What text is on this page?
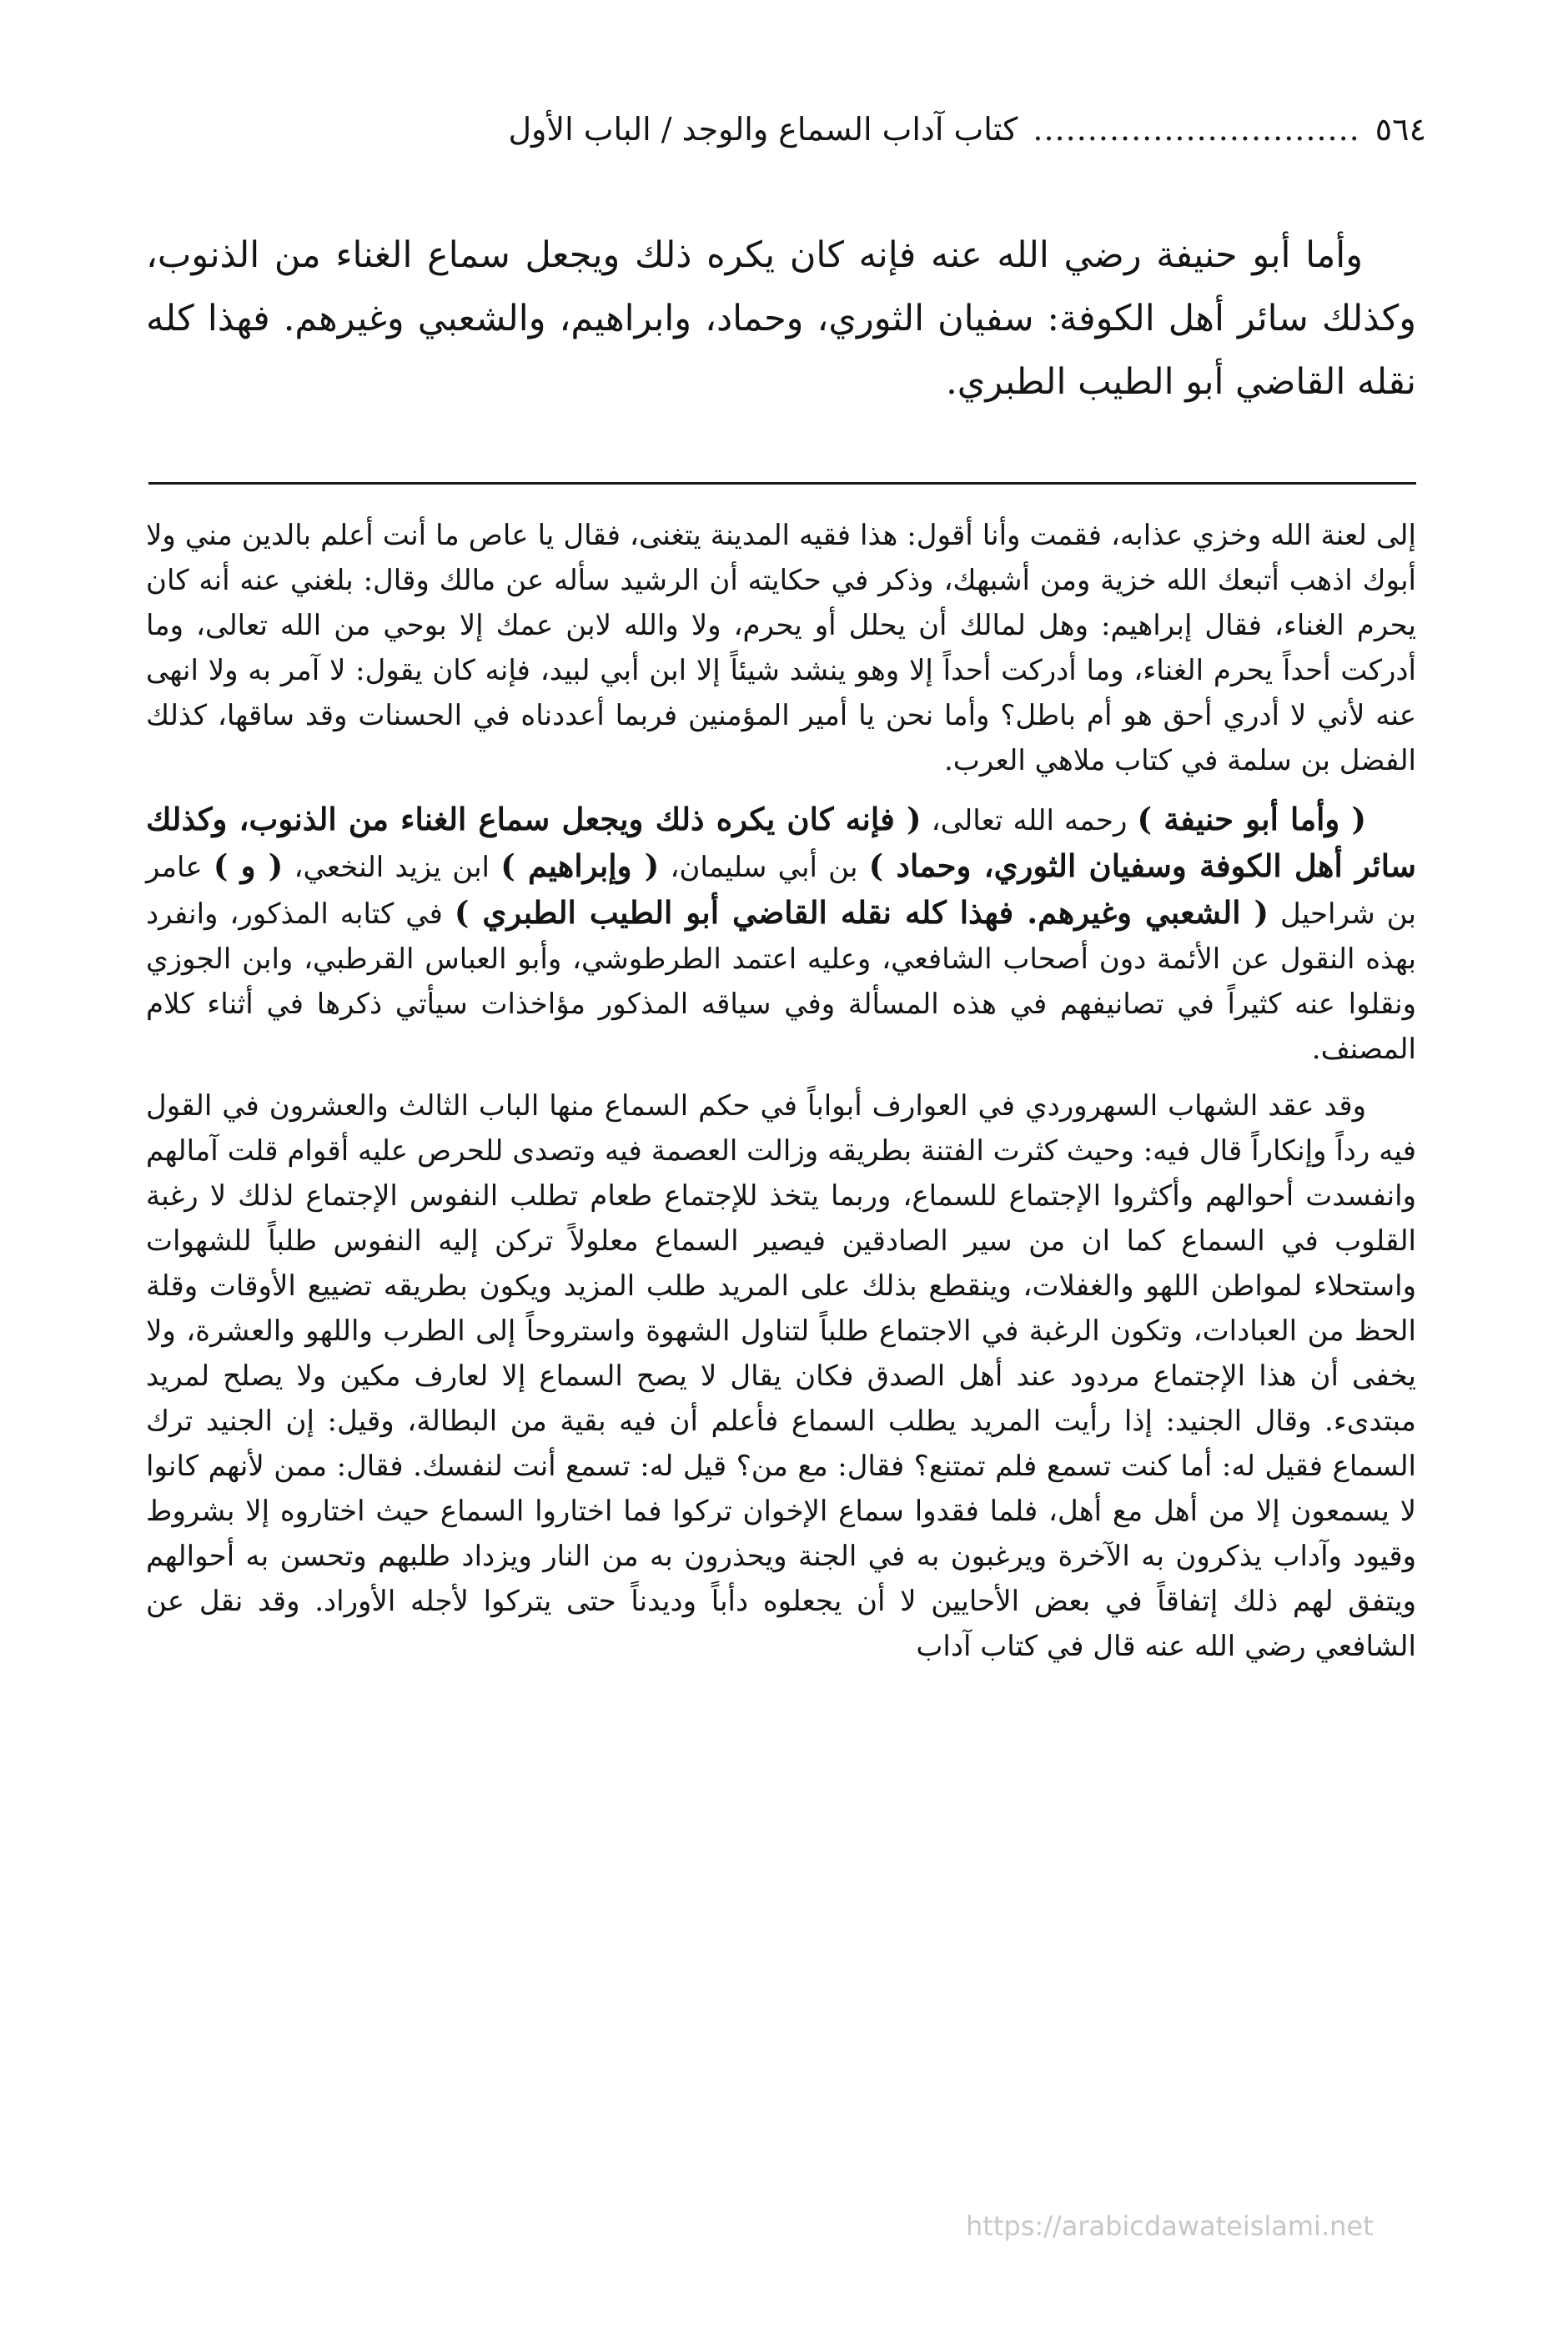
٥٦٤
..............................
كتاب آداب السماع والوجد / الباب الأول

وأما أبو حنيفة رضي الله عنه فإنه كان يكره ذلك ويجعل سماع الغناء من الذنوب، وكذلك سائر أهل الكوفة: سفيان الثوري، وحماد، وابراهيم، والشعبي وغيرهم. فهذا كله نقله القاضي أبو الطيب الطبري.

إلى لعنة الله وخزي عذابه، فقمت وأنا أقول: هذا فقيه المدينة يتغنى، فقال يا عاص ما أنت أعلم بالدين مني ولا أبوك اذهب أتبعك الله خزية ومن أشبهك، وذكر في حكايته أن الرشيد سأله عن مالك وقال: بلغني عنه أنه كان يحرم الغناء، فقال إبراهيم: وهل لمالك أن يحلل أو يحرم، ولا والله لابن عمك إلا بوحي من الله تعالى، وما أدركت أحداً يحرم الغناء، وما أدركت أحداً إلا وهو ينشد شيئاً إلا ابن أبي لبيد، فإنه كان يقول: لا آمر به ولا انهى عنه لأني لا أدري أحق هو أم باطل؟ وأما نحن يا أمير المؤمنين فربما أعددناه في الحسنات وقد ساقها، كذلك الفضل بن سلمة في كتاب ملاهي العرب.

( وأما أبو حنيفة ) رحمه الله تعالى، ( فإنه كان يكره ذلك ويجعل سماع الغناء من الذنوب، وكذلك سائر أهل الكوفة وسفيان الثوري، وحماد ) بن أبي سليمان، ( وإبراهيم ) ابن يزيد النخعي، ( و ) عامر بن شراحيل ( الشعبي وغيرهم. فهذا كله نقله القاضي أبو الطيب الطبري ) في كتابه المذكور، وانفرد بهذه النقول عن الأئمة دون أصحاب الشافعي، وعليه اعتمد الطرطوشي، وأبو العباس القرطبي، وابن الجوزي ونقلوا عنه كثيراً في تصانيفهم في هذه المسألة وفي سياقه المذكور مؤاخذات سيأتي ذكرها في أثناء كلام المصنف.

وقد عقد الشهاب السهروردي في العوارف أبواباً في حكم السماع منها الباب الثالث والعشرون في القول فيه رداً وإنكاراً قال فيه: وحيث كثرت الفتنة بطريقه وزالت العصمة فيه وتصدى للحرص عليه أقوام قلت آمالهم وانفسدت أحوالهم وأكثروا الإجتماع للسماع، وربما يتخذ للإجتماع طعام تطلب النفوس الإجتماع لذلك لا رغبة القلوب في السماع كما ان من سير الصادقين فيصير السماع معلولاً تركن إليه النفوس طلباً للشهوات واستحلاء لمواطن اللهو والغفلات، وينقطع بذلك على المريد طلب المزيد ويكون بطريقه تضييع الأوقات وقلة الحظ من العبادات، وتكون الرغبة في الاجتماع طلباً لتناول الشهوة واستروحاً إلى الطرب واللهو والعشرة، ولا يخفى أن هذا الإجتماع مردود عند أهل الصدق فكان يقال لا يصح السماع إلا لعارف مكين ولا يصلح لمريد مبتدىء. وقال الجنيد: إذا رأيت المريد يطلب السماع فأعلم أن فيه بقية من البطالة، وقيل: إن الجنيد ترك السماع فقيل له: أما كنت تسمع فلم تمتنع؟ فقال: مع من؟ قيل له: تسمع أنت لنفسك. فقال: ممن لأنهم كانوا لا يسمعون إلا من أهل مع أهل، فلما فقدوا سماع الإخوان تركوا فما اختاروا السماع حيث اختاروه إلا بشروط وقيود وآداب يذكرون به الآخرة ويرغبون به في الجنة ويحذرون به من النار ويزداد طلبهم وتحسن به أحوالهم ويتفق لهم ذلك إتفاقاً في بعض الأحايين لا أن يجعلوه دأباً وديدناً حتى يتركوا لأجله الأوراد. وقد نقل عن الشافعي رضي الله عنه قال في كتاب آداب

https://arabicdawateislami.net
